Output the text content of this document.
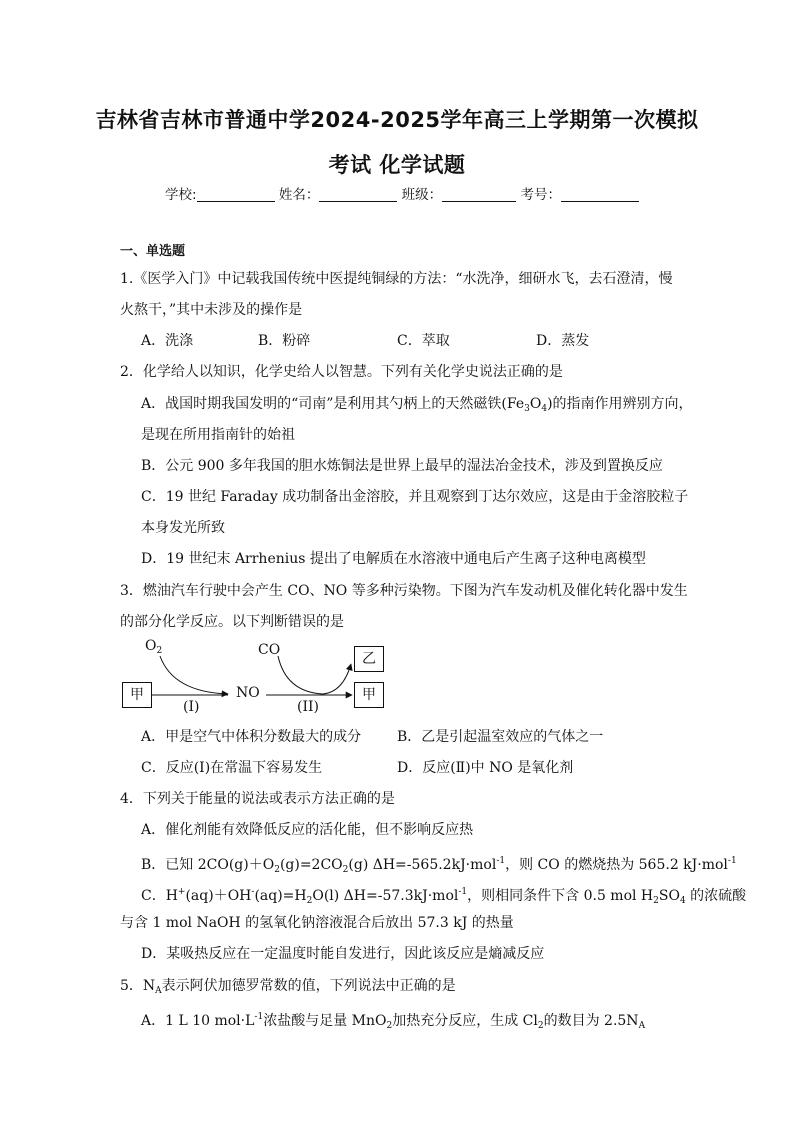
吉林省吉林市普通中学2024-2025学年高三上学期第一次模拟
考试 化学试题
学校:	姓名：	班级：	考号：
一、单选题
1.《医学入门》中记载我国传统中医提纯铜绿的方法：“水洗净，细研水飞，去石澄清，慢
火熬干，”其中未涉及的操作是
A．洗涤	B．粉碎	C．萃取	D．蒸发
2．化学给人以知识，化学史给人以智慧。下列有关化学史说法正确的是
A．战国时期我国发明的“司南”是利用其勺柄上的天然磁铁$(Fe_3O_4)$的指南作用辨别方向，
是现在所用指南针的始祖
B．公元 900 多年我国的胆水炼铜法是世界上最早的湿法冶金技术，涉及到置换反应
C．19 世纪 Faraday 成功制备出金溶胶，并且观察到丁达尔效应，这是由于金溶胶粒子
本身发光所致
D．19 世纪末 Arrhenius 提出了电解质在水溶液中通电后产生离子这种电离模型
3．燃油汽车行驶中会产生 CO、NO 等多种污染物。下图为汽车发动机及催化转化器中发生
的部分化学反应。以下判断错误的是
$O_2$	CO
甲	NO
乙
甲
(I)	(II)
A．甲是空气中体积分数最大的成分	B．乙是引起温室效应的气体之一
C．反应(Ⅰ)在常温下容易发生	D．反应(Ⅱ)中 NO 是氧化剂
4．下列关于能量的说法或表示方法正确的是
A．催化剂能有效降低反应的活化能，但不影响反应热
B．已知 $2CO(g)+O_2(g)=2CO_2(g)$ ΔH=-565.2kJ·mol$^{-1}$，则 CO 的燃烧热为 565.2 kJ·mol$^{-1}$
C．$H^+(aq)+OH^-(aq)=H_2O(l)$ ΔH=-57.3kJ·mol$^{-1}$，则相同条件下含 0.5 mol $H_2SO_4$ 的浓硫酸
与含 1 mol NaOH 的氢氧化钠溶液混合后放出 57.3 kJ 的热量
D．某吸热反应在一定温度时能自发进行，因此该反应是熵减反应
5．$N_A$表示阿伏加德罗常数的值，下列说法中正确的是
A．1 L 10 $mol\cdot L^{-1}$浓盐酸与足量 MnO$_2$加热充分反应，生成 $Cl_2$的数目为 $2.5N_A$
